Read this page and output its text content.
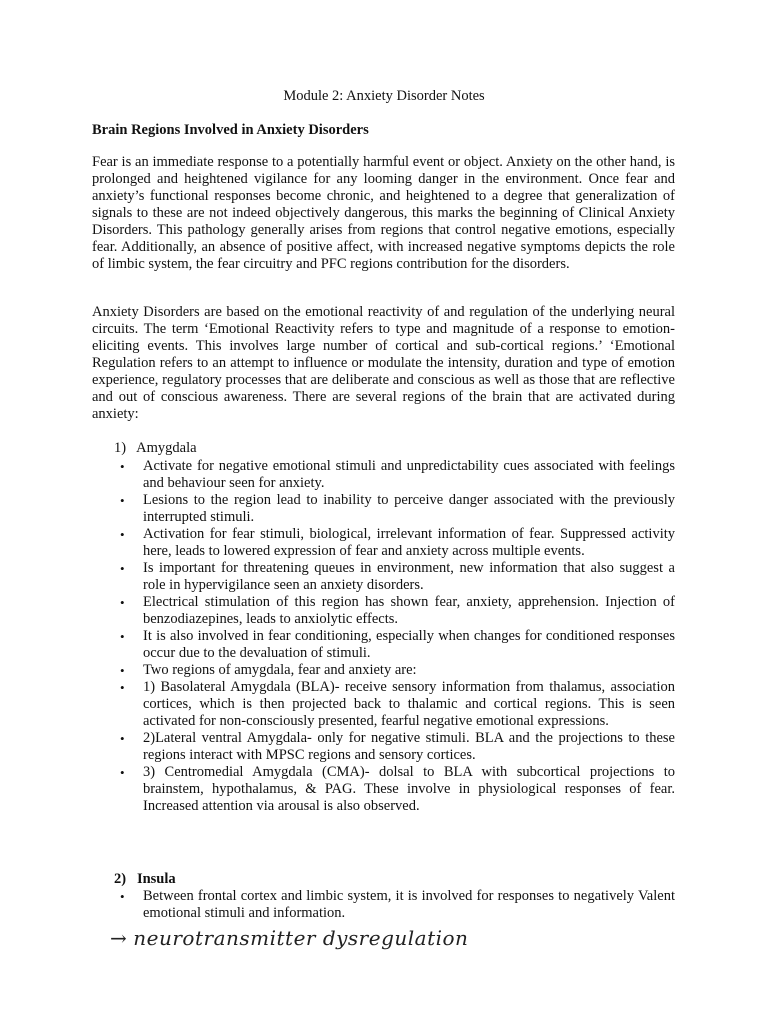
Module 2: Anxiety Disorder Notes
Brain Regions Involved in Anxiety Disorders

Fear is an immediate response to a potentially harmful event or object. Anxiety on the other hand, is prolonged and heightened vigilance for any looming danger in the environment. Once fear and anxiety’s functional responses become chronic, and heightened to a degree that generalization of signals to these are not indeed objectively dangerous, this marks the beginning of Clinical Anxiety Disorders. This pathology generally arises from regions that control negative emotions, especially fear. Additionally, an absence of positive affect, with increased negative symptoms depicts the role of limbic system, the fear circuitry and PFC regions contribution for the disorders.

Anxiety Disorders are based on the emotional reactivity of and regulation of the underlying neural circuits. The term ‘Emotional Reactivity refers to type and magnitude of a response to emotion-eliciting events. This involves large number of cortical and sub-cortical regions.’ ‘Emotional Regulation refers to an attempt to influence or modulate the intensity, duration and type of emotion experience, regulatory processes that are deliberate and conscious as well as those that are reflective and out of conscious awareness. There are several regions of the brain that are activated during anxiety:

1)   Amygdala
• Activate for negative emotional stimuli and unpredictability cues associated with feelings and behaviour seen for anxiety.
• Lesions to the region lead to inability to perceive danger associated with the previously interrupted stimuli.
• Activation for fear stimuli, biological, irrelevant information of fear. Suppressed activity here, leads to lowered expression of fear and anxiety across multiple events.
• Is important for threatening queues in environment, new information that also suggest a role in hypervigilance seen an anxiety disorders.
• Electrical stimulation of this region has shown fear, anxiety, apprehension. Injection of benzodiazepines, leads to anxiolytic effects.
• It is also involved in fear conditioning, especially when changes for conditioned responses occur due to the devaluation of stimuli.
• Two regions of amygdala, fear and anxiety are:
• 1) Basolateral Amygdala (BLA)- receive sensory information from thalamus, association cortices, which is then projected back to thalamic and cortical regions. This is seen activated for non-consciously presented, fearful negative emotional expressions.
• 2)Lateral ventral Amygdala- only for negative stimuli. BLA and the projections to these regions interact with MPSC regions and sensory cortices.
• 3) Centromedial Amygdala (CMA)- dolsal to BLA with subcortical projections to brainstem, hypothalamus, & PAG. These involve in physiological responses of fear. Increased attention via arousal is also observed.
2)   Insula
• Between frontal cortex and limbic system, it is involved for responses to negatively Valent emotional stimuli and information.
→ neurotransmitter dysregulation
